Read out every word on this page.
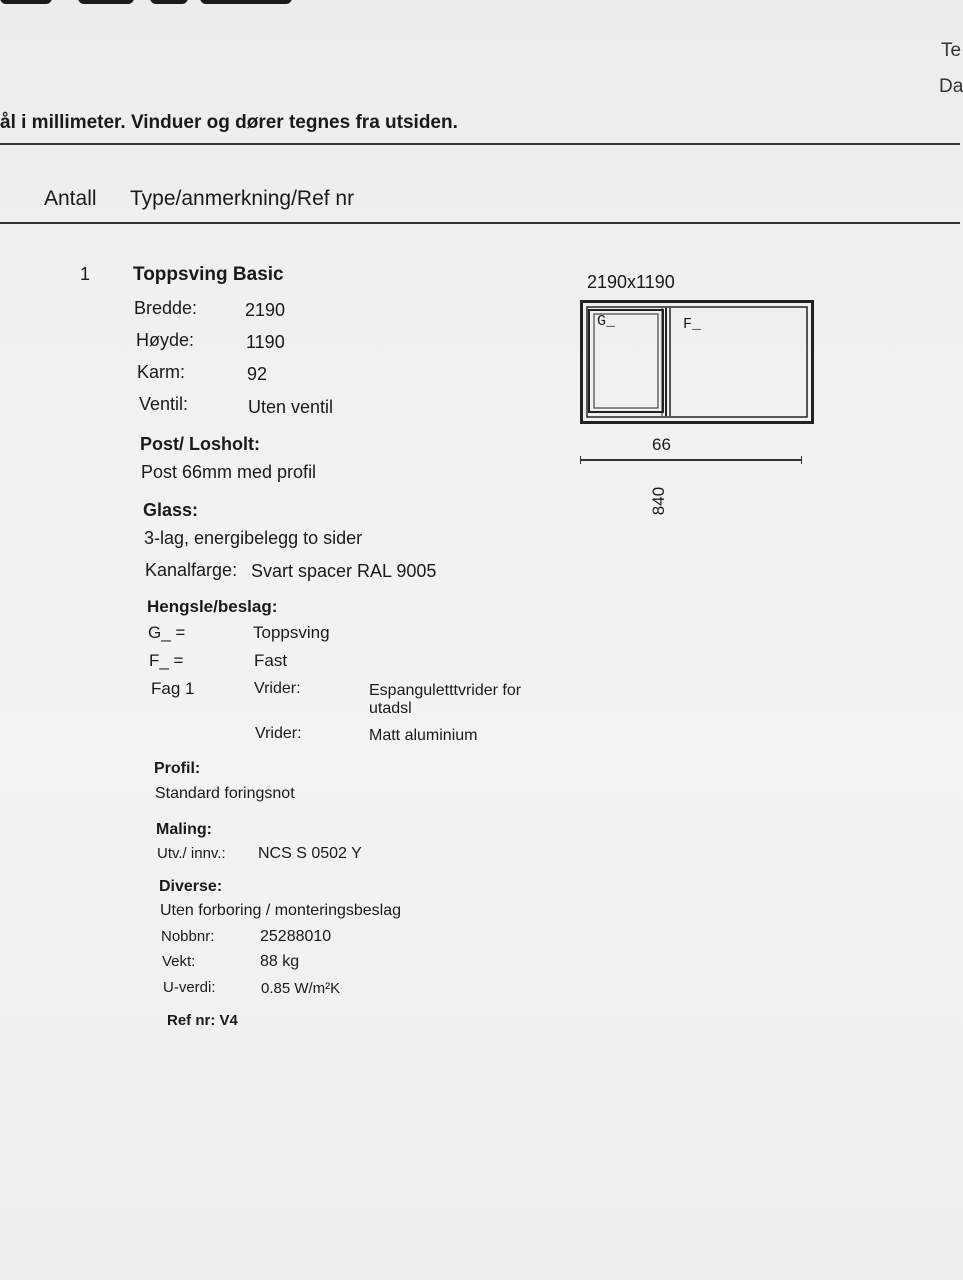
Te
Da
ål i millimeter. Vinduer og dører tegnes fra utsiden.
Antall Type/anmerkning/Ref nr
1 Toppsving Basic
Bredde:	2190
Høyde:	1190
Karm:	92
Ventil:	Uten ventil
Post/ Losholt:
Post 66mm med profil
Glass:
3-lag, energibelegg to sider
Kanalfarge: Svart spacer RAL 9005
Hengsle/beslag:
G_ =	Toppsving
F_ =	Fast
Fag 1	Vrider:	Espanguletttvrider for
utadsl
Vrider:	Matt aluminium
Profil:
Standard foringsnot
Maling:
Utv./ innv.: NCS S 0502 Y
Diverse:
Uten forboring / monteringsbeslag
Nobbnr:	25288010
Vekt:	88 kg
U-verdi:	0.85 W/m²K
Ref nr: V4
2190x1190
G_	F_
66
840
